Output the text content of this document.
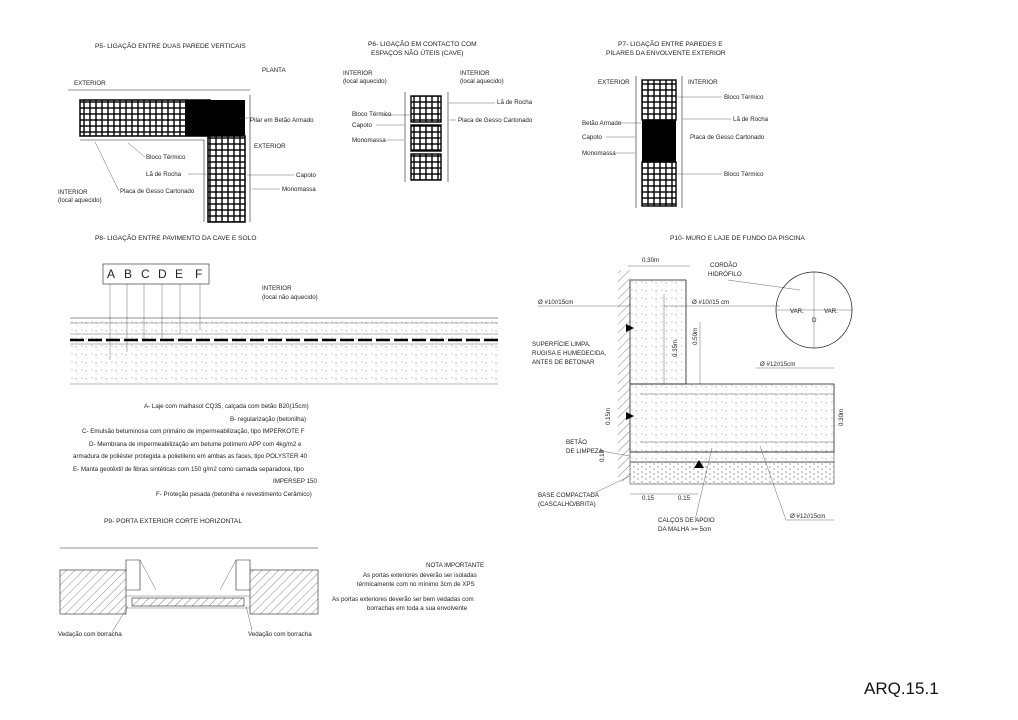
P5- LIGAÇÃO ENTRE DUAS PAREDE VERTICAIS
PLANTA
EXTERIOR
Pilar em Betão Armado
EXTERIOR
Bloco Térmico
Lã de Rocha
Placa de Gesso Cartonado
Capoto
Monomassa
INTERIOR
(local aquecido)
P6- LIGAÇÃO EM CONTACTO COM
ESPAÇOS NÃO ÚTEIS (CAVE)
INTERIOR
(local aquecido)
INTERIOR
(local aquecido)
Lã de Rocha
Bloco Térmico
Capoto
Placa de Gesso Cartonado
Monomassa
P7- LIGAÇÃO ENTRE PAREDES E
PILARES DA ENVOLVENTE EXTERIOR
EXTERIOR	INTERIOR
Bloco Térmico
Betão Armado
Lã de Rocha
Capoto	Placa de Gesso Cartonado
Monomassa
Bloco Térmico
P8- LIGAÇÃO ENTRE PAVIMENTO DA CAVE E SOLO
A B C D E F
INTERIOR
(local não aquecido)
A- Laje com malhasol CQ35, calçada com betão B20(15cm)
B- regularização (betonilha)
C- Emulsão betuminosa com primário de impermeabilização, tipo IMPERKOTE F
D- Membrana de impermeabilização em betume polímero APP com 4kg/m2 e
armadura de poliéster protegida a polietileno em ambas as faces, tipo POLYSTER 40
E- Manta geotêxtil de fibras sintéticas com 150 g/m2 como camada separadora, tipo
IMPERSEP 150
F- Proteção pesada (betonilha e revestimento Cerâmico)
P9- PORTA EXTERIOR CORTE HORIZONTAL
Vedação com borracha	Vedação com borracha
NOTA IMPORTANTE
As portas exteriores deverão ser isoladas
térmicamente com no mínimo 3cm de XPS
As portas exteriores deverão ser bem vedadas com
borrachas em toda a sua envolvente
P10- MURO E LAJE DE FUNDO DA PISCINA
0.30m
CORDÃO
HIDRÓFILO
VAR.	VAR.
D
Ø #10//15cm	Ø #10//15 cm
0.35m
0.50m
SUPERFÍCIE LIMPA,
RUGISA E HUMEDECIDA,
ANTES DE BETONAR	Ø #12//15cm
0.30m
0.15m
0.10
BETÃO
DE LIMPEZA
0.15	0.15
BASE COMPACTADA
(CASCALHO/BRITA)
CALÇOS DE APOIO
DA MALHA >= 5cm
Ø #12//15cm
ARQ.15.1
